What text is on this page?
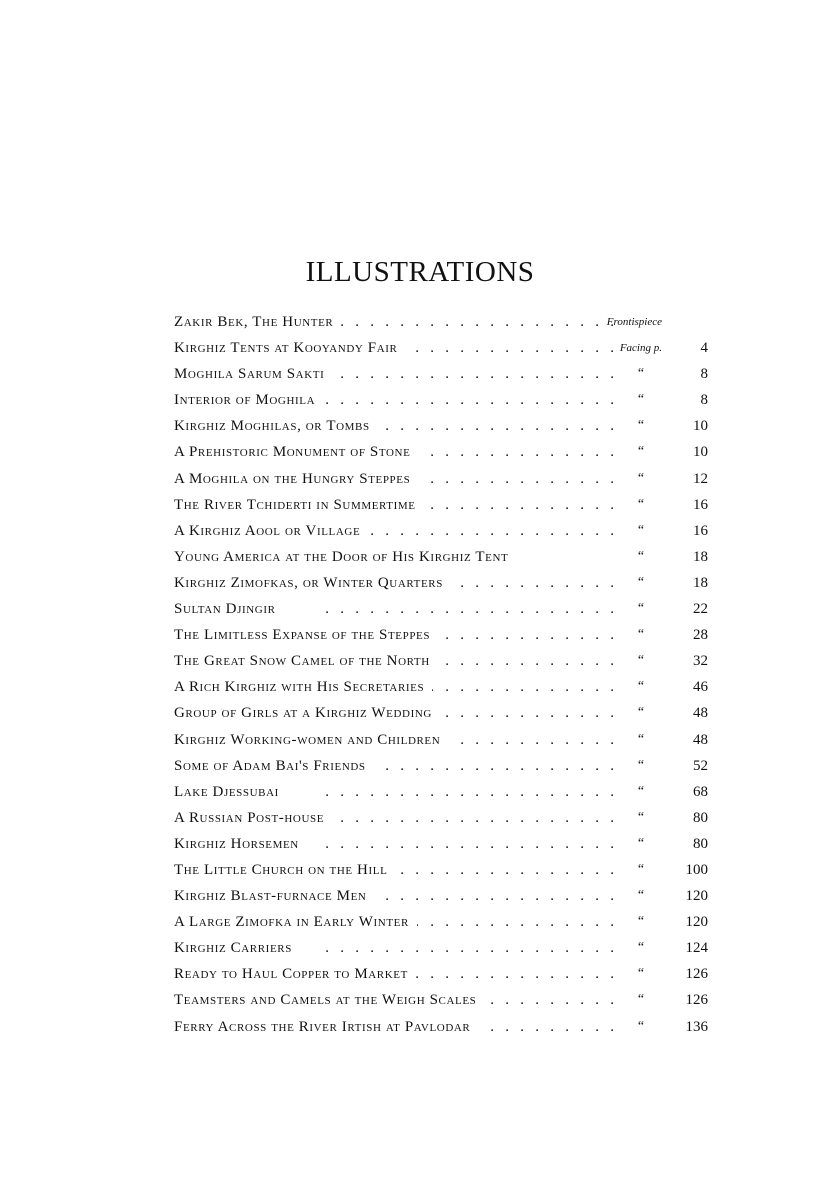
ILLUSTRATIONS
.   .
Zakir Bek, The Hunter	Frontispiece
.   .
Kirghiz Tents at Kooyandy Fair	Facing p.	4
.   .
Moghila Sarum Sakti	“	8
.   .
Interior of Moghila	“	8
.   .
Kirghiz Moghilas, or Tombs	“	10
.   .
A Prehistoric Monument of Stone	“	10
.   .
A Moghila on the Hungry Steppes	“	12
.   .
The River Tchiderti in Summertime	“	16
.   .
A Kirghiz Aool or Village	“	16
Young America at the Door of His Kirghiz Tent	“	18
.   .
Kirghiz Zimofkas, or Winter Quarters	“	18
.   .
Sultan Djingir	“	22
.   .
The Limitless Expanse of the Steppes	“	28
.   .
The Great Snow Camel of the North	“	32
.   .
A Rich Kirghiz with His Secretaries	“	46
.   .
Group of Girls at a Kirghiz Wedding	“	48
.   .
Kirghiz Working-women and Children	“	48
.   .
Some of Adam Bai's Friends	“	52
.   .
Lake Djessubai	“	68
.   .
A Russian Post-house	“	80
.   .
Kirghiz Horsemen	“	80
.   .
The Little Church on the Hill	“	100
.   .
Kirghiz Blast-furnace Men	“	120
.   .
A Large Zimofka in Early Winter	“	120
.   .
Kirghiz Carriers	“	124
.   .
Ready to Haul Copper to Market	“	126
.   .
Teamsters and Camels at the Weigh Scales	“	126
.   .
Ferry Across the River Irtish at Pavlodar	“	136
